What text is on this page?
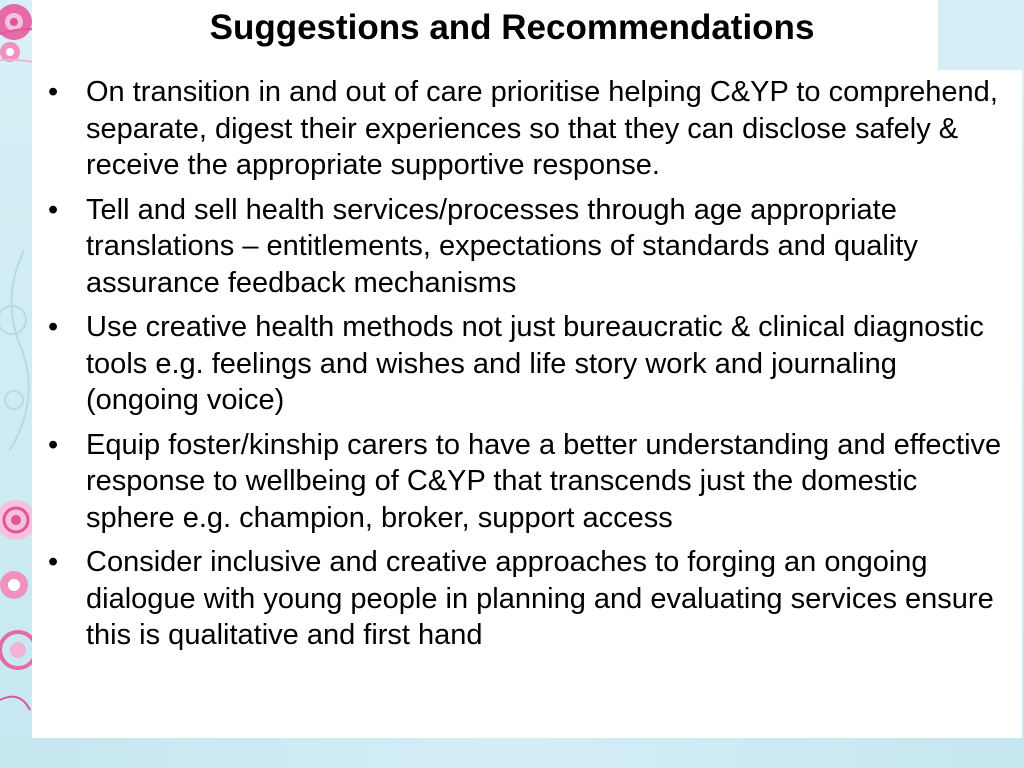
Suggestions and Recommendations
• On transition in and out of care prioritise helping C&YP to comprehend, separate, digest their experiences so that they can disclose safely & receive the appropriate supportive response.
• Tell and sell health services/processes through age appropriate translations – entitlements, expectations of standards and quality assurance feedback mechanisms
• Use creative health methods not just bureaucratic & clinical diagnostic tools e.g. feelings and wishes and life story work and journaling (ongoing voice)
• Equip foster/kinship carers to have a better understanding and effective response to wellbeing of C&YP that transcends just the domestic sphere e.g. champion, broker, support access
• Consider inclusive and creative approaches to forging an ongoing dialogue with young people in planning and evaluating services ensure this is qualitative and first hand
